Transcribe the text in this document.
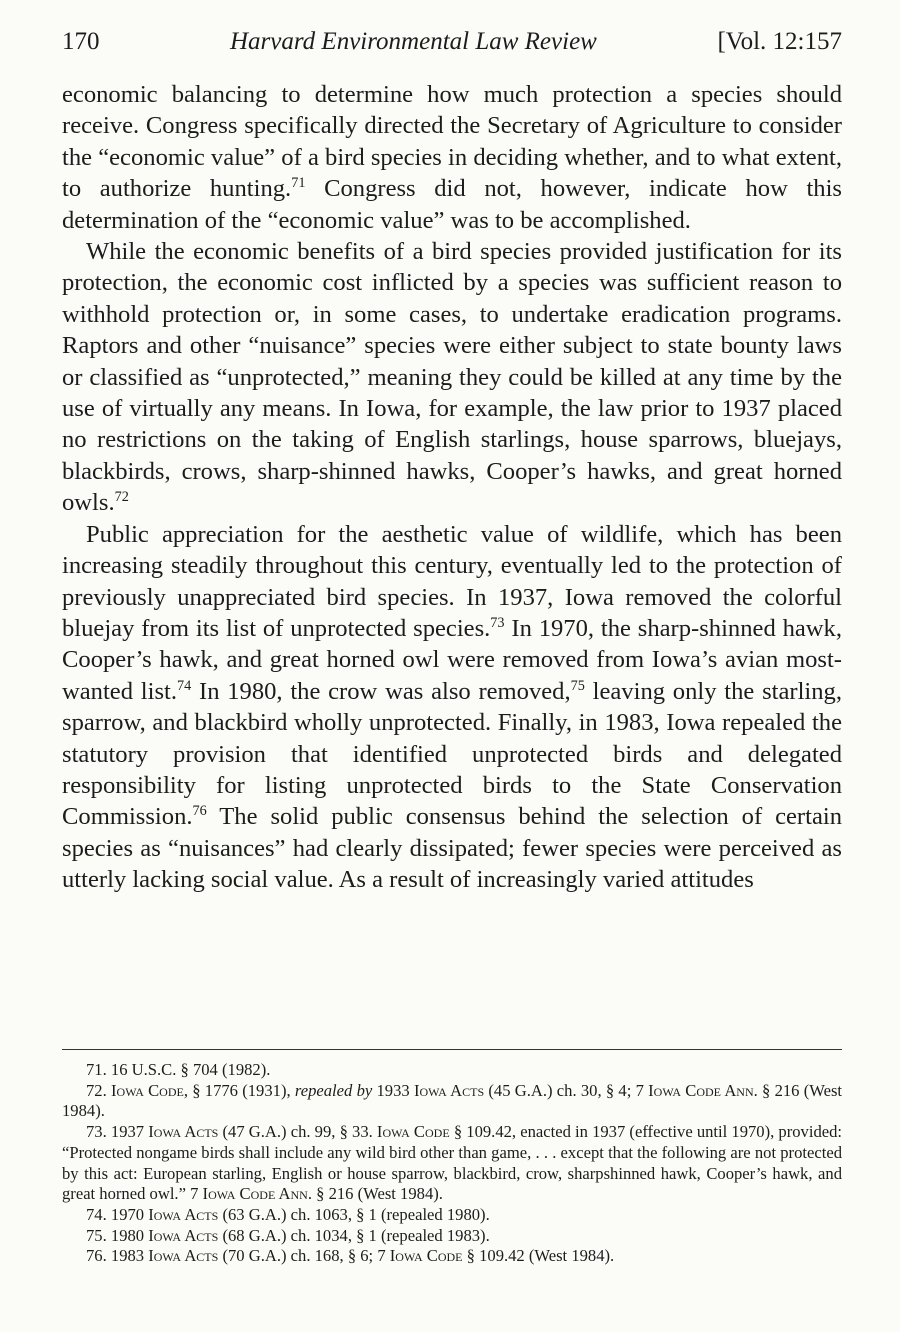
170	Harvard Environmental Law Review	[Vol. 12:157

economic balancing to determine how much protection a species should receive. Congress specifically directed the Secretary of Agriculture to consider the “economic value” of a bird species in deciding whether, and to what extent, to authorize hunting.$^{71}$ Congress did not, however, indicate how this determination of the “economic value” was to be accomplished.

While the economic benefits of a bird species provided justification for its protection, the economic cost inflicted by a species was sufficient reason to withhold protection or, in some cases, to undertake eradication programs. Raptors and other “nuisance” species were either subject to state bounty laws or classified as “unprotected,” meaning they could be killed at any time by the use of virtually any means. In Iowa, for example, the law prior to 1937 placed no restrictions on the taking of English starlings, house sparrows, bluejays, blackbirds, crows, sharp-shinned hawks, Cooper’s hawks, and great horned owls.$^{72}$

Public appreciation for the aesthetic value of wildlife, which has been increasing steadily throughout this century, eventually led to the protection of previously unappreciated bird species. In 1937, Iowa removed the colorful bluejay from its list of unprotected species.$^{73}$ In 1970, the sharp-shinned hawk, Cooper’s hawk, and great horned owl were removed from Iowa’s avian most-wanted list.$^{74}$ In 1980, the crow was also removed,$^{75}$ leaving only the starling, sparrow, and blackbird wholly unprotected. Finally, in 1983, Iowa repealed the statutory provision that identified unprotected birds and delegated responsibility for listing unprotected birds to the State Conservation Commission.$^{76}$ The solid public consensus behind the selection of certain species as “nuisances” had clearly dissipated; fewer species were perceived as utterly lacking social value. As a result of increasingly varied attitudes

71. 16 U.S.C. § 704 (1982).

72. Iowa Code, § 1776 (1931), repealed by 1933 Iowa Acts (45 G.A.) ch. 30, § 4; 7 Iowa Code Ann. § 216 (West 1984).

73. 1937 Iowa Acts (47 G.A.) ch. 99, § 33. Iowa Code § 109.42, enacted in 1937 (effective until 1970), provided: “Protected nongame birds shall include any wild bird other than game, . . . except that the following are not protected by this act: European starling, English or house sparrow, blackbird, crow, sharpshinned hawk, Cooper’s hawk, and great horned owl.” 7 Iowa Code Ann. § 216 (West 1984).

74. 1970 Iowa Acts (63 G.A.) ch. 1063, § 1 (repealed 1980).

75. 1980 Iowa Acts (68 G.A.) ch. 1034, § 1 (repealed 1983).

76. 1983 Iowa Acts (70 G.A.) ch. 168, § 6; 7 Iowa Code § 109.42 (West 1984).
